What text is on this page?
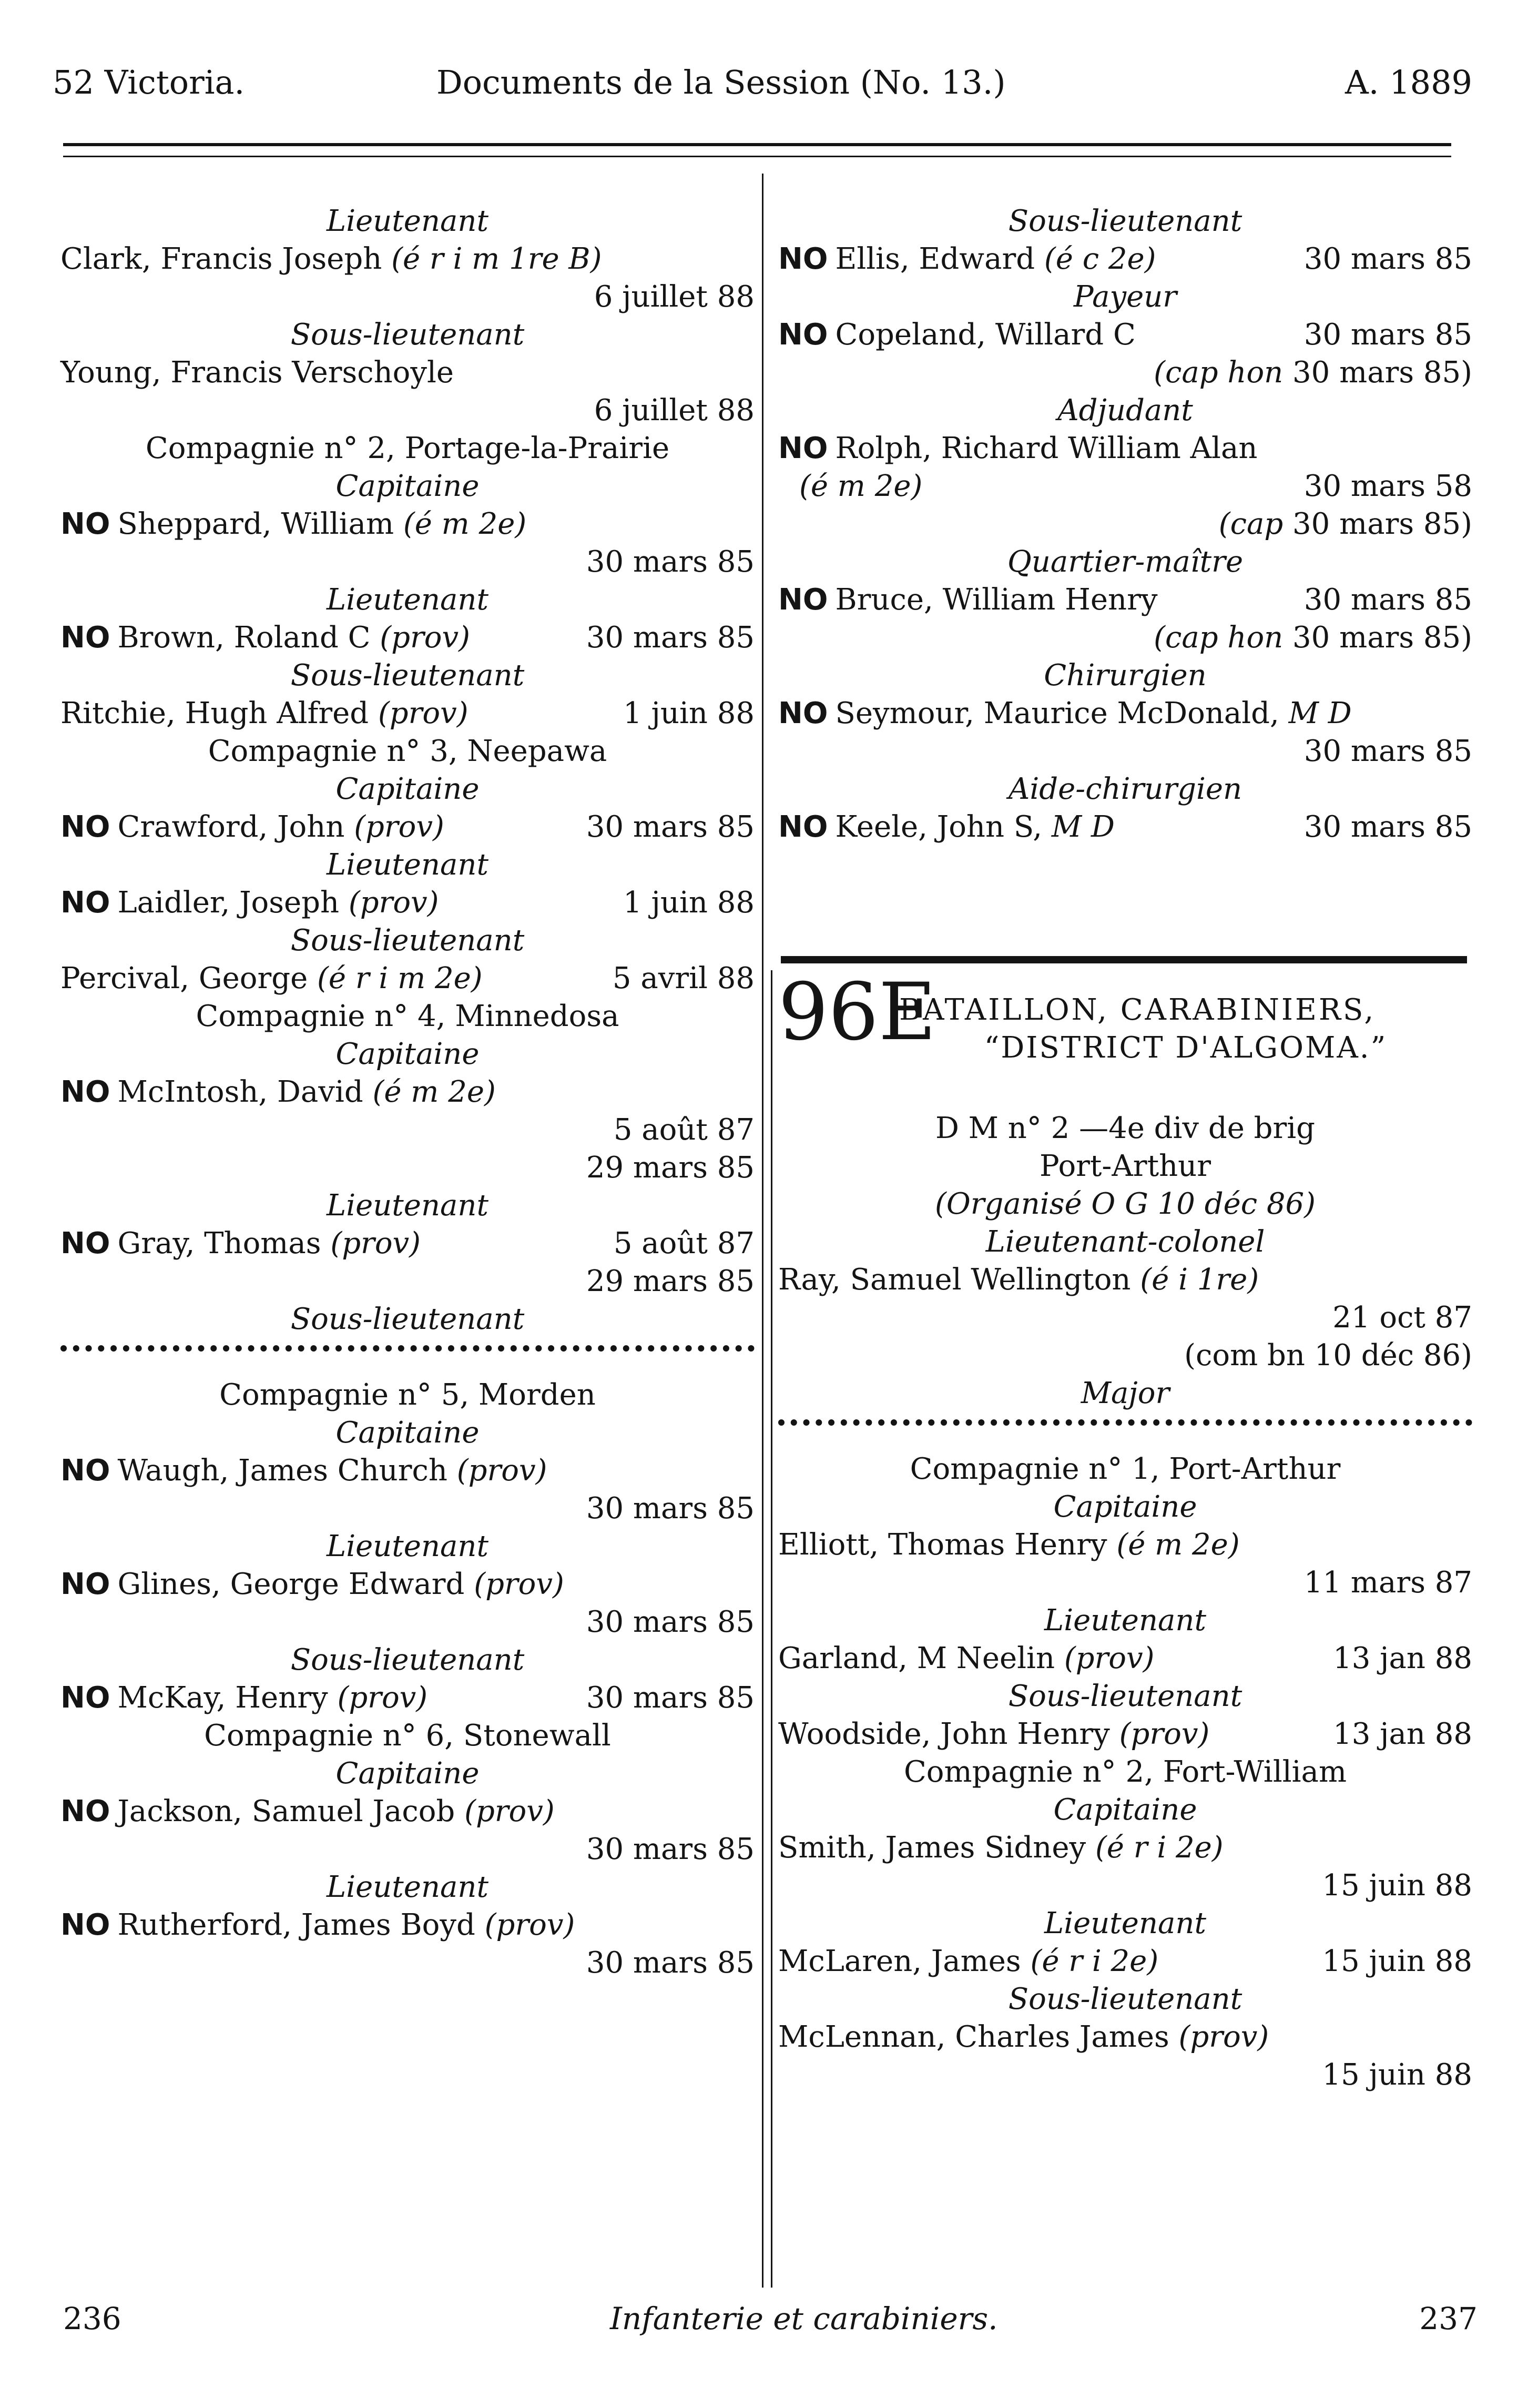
52 Victoria.	Documents de la Session (No. 13.)	A. 1889
Lieutenant
Clark, Francis Joseph (é r i m 1re B)
6 juillet 88
Sous-lieutenant
Young, Francis Verschoyle
6 juillet 88
Compagnie n° 2, Portage-la-Prairie
Capitaine
NO Sheppard, William (é m 2e)
30 mars 85
Lieutenant
NO Brown, Roland C (prov)	30 mars 85
Sous-lieutenant
Ritchie, Hugh Alfred (prov)	1 juin 88
Compagnie n° 3, Neepawa
Capitaine
NO Crawford, John (prov)	30 mars 85
Lieutenant
NO Laidler, Joseph (prov)	1 juin 88
Sous-lieutenant
Percival, George (é r i m 2e)	5 avril 88
Compagnie n° 4, Minnedosa
Capitaine
NO McIntosh, David (é m 2e)
5 août 87
29 mars 85
Lieutenant
NO Gray, Thomas (prov)	5 août 87
29 mars 85
Sous-lieutenant
Compagnie n° 5, Morden
Capitaine
NO Waugh, James Church (prov)
30 mars 85
Lieutenant
NO Glines, George Edward (prov)
30 mars 85
Sous-lieutenant
NO McKay, Henry (prov)	30 mars 85
Compagnie n° 6, Stonewall
Capitaine
NO Jackson, Samuel Jacob (prov)
30 mars 85
Lieutenant
NO Rutherford, James Boyd (prov)
30 mars 85
Sous-lieutenant
NO Ellis, Edward (é c 2e)	30 mars 85
Payeur
NO Copeland, Willard C	30 mars 85
(cap hon 30 mars 85)
Adjudant
NO Rolph, Richard William Alan
(é m 2e)	30 mars 58
(cap 30 mars 85)
Quartier-maître
NO Bruce, William Henry	30 mars 85
(cap hon 30 mars 85)
Chirurgien
NO Seymour, Maurice McDonald, M D
30 mars 85
Aide-chirurgien
NO Keele, John S, M D	30 mars 85
96E
BATAILLON, CARABINIERS,
“DISTRICT D'ALGOMA.”
D M n° 2 —4e div de brig
Port-Arthur
(Organisé O G 10 déc 86)
Lieutenant-colonel
Ray, Samuel Wellington (é i 1re)
21 oct 87
(com bn 10 déc 86)
Major
Compagnie n° 1, Port-Arthur
Capitaine
Elliott, Thomas Henry (é m 2e)
11 mars 87
Lieutenant
Garland, M Neelin (prov)	13 jan 88
Sous-lieutenant
Woodside, John Henry (prov)	13 jan 88
Compagnie n° 2, Fort-William
Capitaine
Smith, James Sidney (é r i 2e)
15 juin 88
Lieutenant
McLaren, James (é r i 2e)	15 juin 88
Sous-lieutenant
McLennan, Charles James (prov)
15 juin 88
236	Infanterie et carabiniers.	237
